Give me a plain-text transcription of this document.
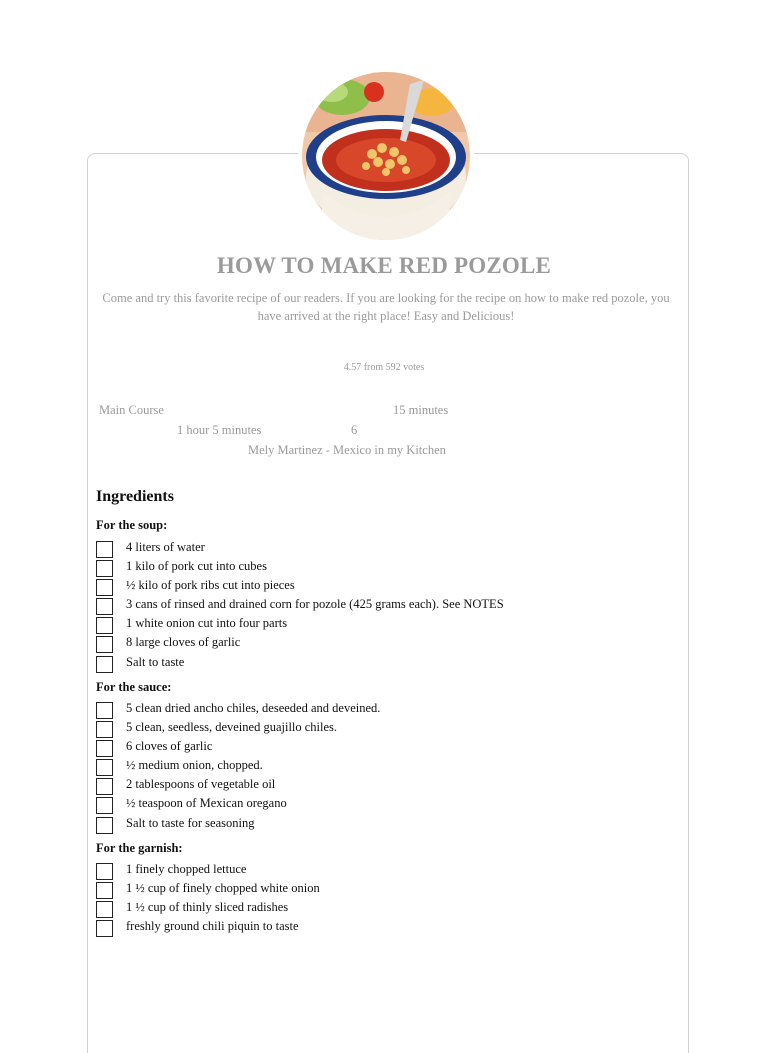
HOW TO MAKE RED POZOLE
Come and try this favorite recipe of our readers. If you are looking for the recipe on how to make red pozole, you have arrived at the right place! Easy and Delicious!
4.57 from 592 votes
Main Course	15 minutes
1 hour 5 minutes	6
Mely Martinez - Mexico in my Kitchen
Ingredients
For the soup:
4 liters of water
1 kilo of pork cut into cubes
½ kilo of pork ribs cut into pieces
3 cans of rinsed and drained corn for pozole (425 grams each). See NOTES
1 white onion cut into four parts
8 large cloves of garlic
Salt to taste
For the sauce:
5 clean dried ancho chiles, deseeded and deveined.
5 clean, seedless, deveined guajillo chiles.
6 cloves of garlic
½ medium onion, chopped.
2 tablespoons of vegetable oil
½ teaspoon of Mexican oregano
Salt to taste for seasoning
For the garnish:
1 finely chopped lettuce
1 ½ cup of finely chopped white onion
1 ½ cup of thinly sliced radishes
freshly ground chili piquin to taste
